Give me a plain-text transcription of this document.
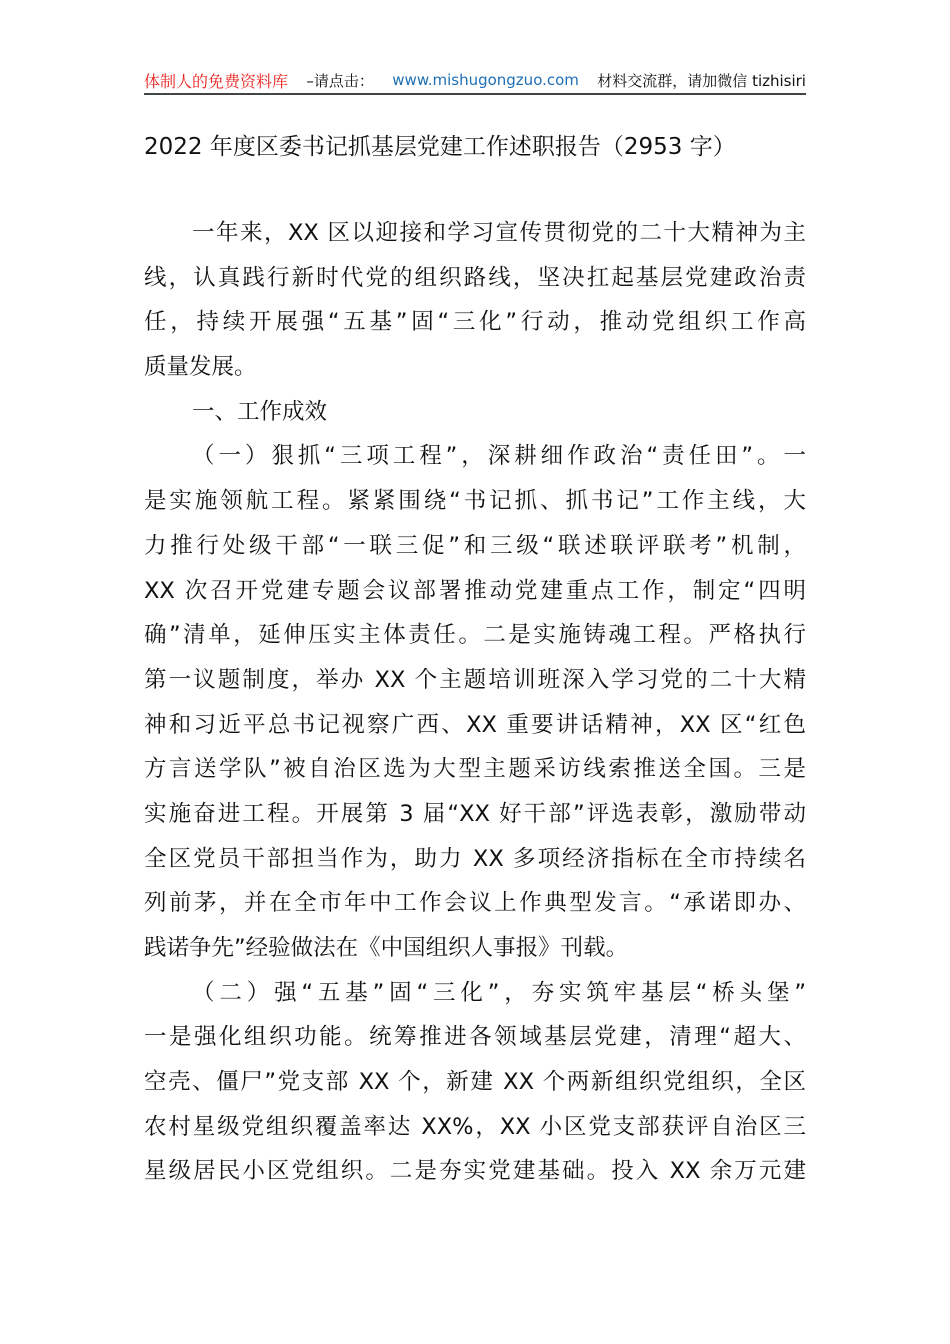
体制人的免费资料库 –请点击： www.mishugongzuo.com 材料交流群，请加微信 tizhisiri
2022 年度区委书记抓基层党建工作述职报告（2953 字）
一年来，XX 区以迎接和学习宣传贯彻党的二十大精神为主
线，认真践行新时代党的组织路线，坚决扛起基层党建政治责
任，持续开展强“五基”固“三化”行动，推动党组织工作高
质量发展。
一、工作成效
（一）狠抓“三项工程”，深耕细作政治“责任田”。一
是实施领航工程。紧紧围绕“书记抓、抓书记”工作主线，大
力推行处级干部“一联三促”和三级“联述联评联考”机制，
XX 次召开党建专题会议部署推动党建重点工作，制定“四明
确”清单，延伸压实主体责任。二是实施铸魂工程。严格执行
第一议题制度，举办 XX 个主题培训班深入学习党的二十大精
神和习近平总书记视察广西、XX 重要讲话精神，XX 区“红色
方言送学队”被自治区选为大型主题采访线索推送全国。三是
实施奋进工程。开展第 3 届“XX 好干部”评选表彰，激励带动
全区党员干部担当作为，助力 XX 多项经济指标在全市持续名
列前茅，并在全市年中工作会议上作典型发言。“承诺即办、
践诺争先”经验做法在《中国组织人事报》刊载。
（二）强“五基”固“三化”，夯实筑牢基层“桥头堡”
一是强化组织功能。统筹推进各领域基层党建，清理“超大、
空壳、僵尸”党支部 XX 个，新建 XX 个两新组织党组织，全区
农村星级党组织覆盖率达 XX%，XX 小区党支部获评自治区三
星级居民小区党组织。二是夯实党建基础。投入 XX 余万元建
